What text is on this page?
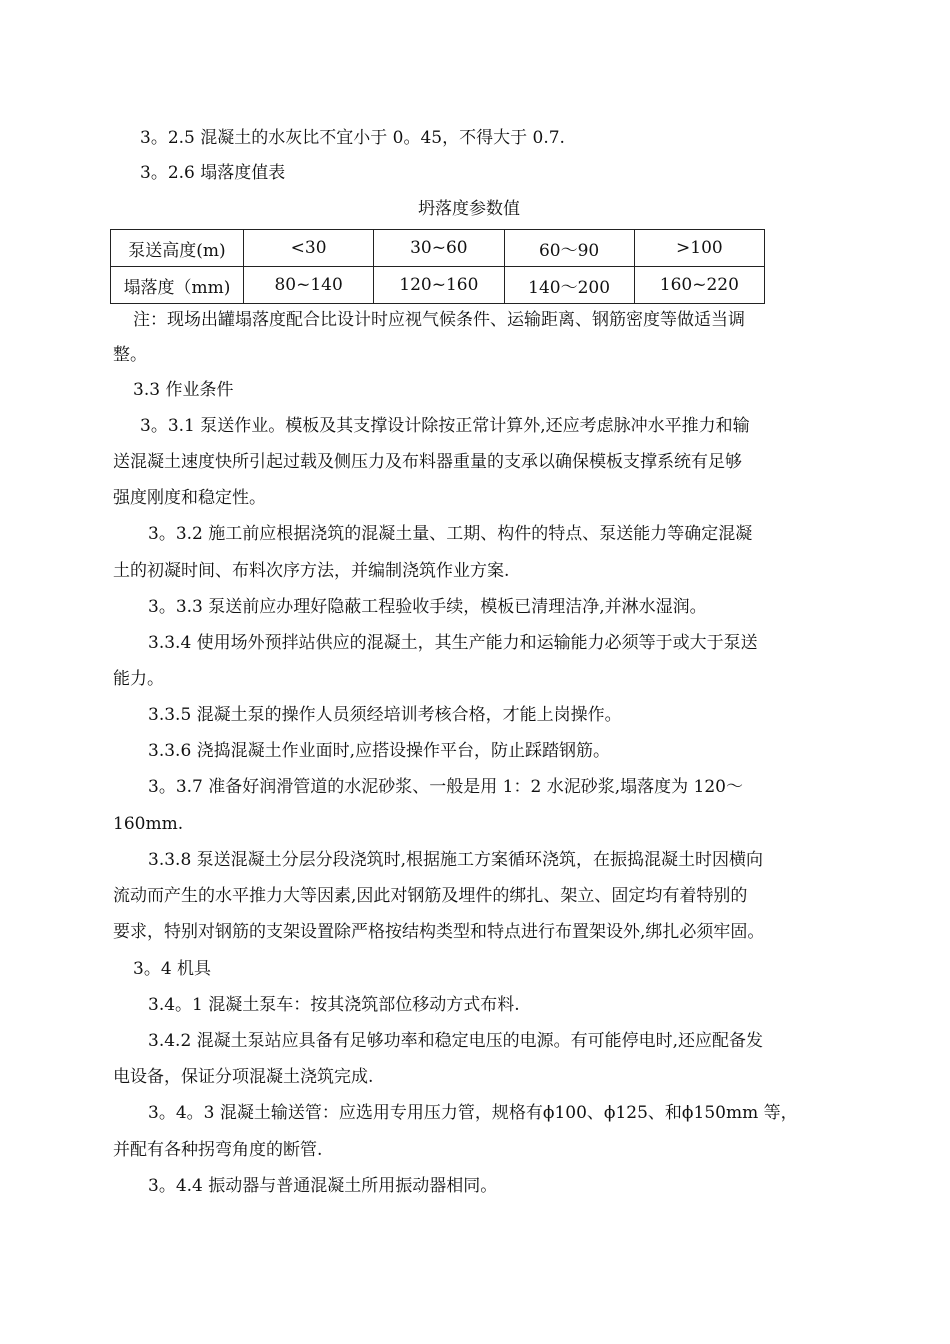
3。2.5 混凝土的水灰比不宜小于 0。45，不得大于 0.7.
3。2.6 塌落度值表
坍落度参数值
泵送高度(m)	<30	30~60	60～90	>100
塌落度（mm)	80~140	120~160	140～200	160~220
注：现场出罐塌落度配合比设计时应视气候条件、运输距离、钢筋密度等做适当调
整。
3.3 作业条件
3。3.1 泵送作业。模板及其支撑设计除按正常计算外,还应考虑脉冲水平推力和输
送混凝土速度快所引起过载及侧压力及布料器重量的支承以确保模板支撑系统有足够
强度刚度和稳定性。
3。3.2 施工前应根据浇筑的混凝土量、工期、构件的特点、泵送能力等确定混凝
土的初凝时间、布料次序方法，并编制浇筑作业方案.
3。3.3 泵送前应办理好隐蔽工程验收手续，模板已清理洁净,并淋水湿润。
3.3.4 使用场外预拌站供应的混凝土，其生产能力和运输能力必须等于或大于泵送
能力。
3.3.5 混凝土泵的操作人员须经培训考核合格，才能上岗操作。
3.3.6 浇捣混凝土作业面时,应搭设操作平台，防止踩踏钢筋。
3。3.7 准备好润滑管道的水泥砂浆、一般是用 1：2 水泥砂浆,塌落度为 120～
160mm.
3.3.8 泵送混凝土分层分段浇筑时,根据施工方案循环浇筑，在振捣混凝土时因横向
流动而产生的水平推力大等因素,因此对钢筋及埋件的绑扎、架立、固定均有着特别的
要求，特别对钢筋的支架设置除严格按结构类型和特点进行布置架设外,绑扎必须牢固。
3。4 机具
3.4。1 混凝土泵车：按其浇筑部位移动方式布料.
3.4.2 混凝土泵站应具备有足够功率和稳定电压的电源。有可能停电时,还应配备发
电设备，保证分项混凝土浇筑完成.
3。4。3 混凝土输送管：应选用专用压力管，规格有ϕ100、ϕ125、和ϕ150mm 等，
并配有各种拐弯角度的断管.
3。4.4 振动器与普通混凝土所用振动器相同。
